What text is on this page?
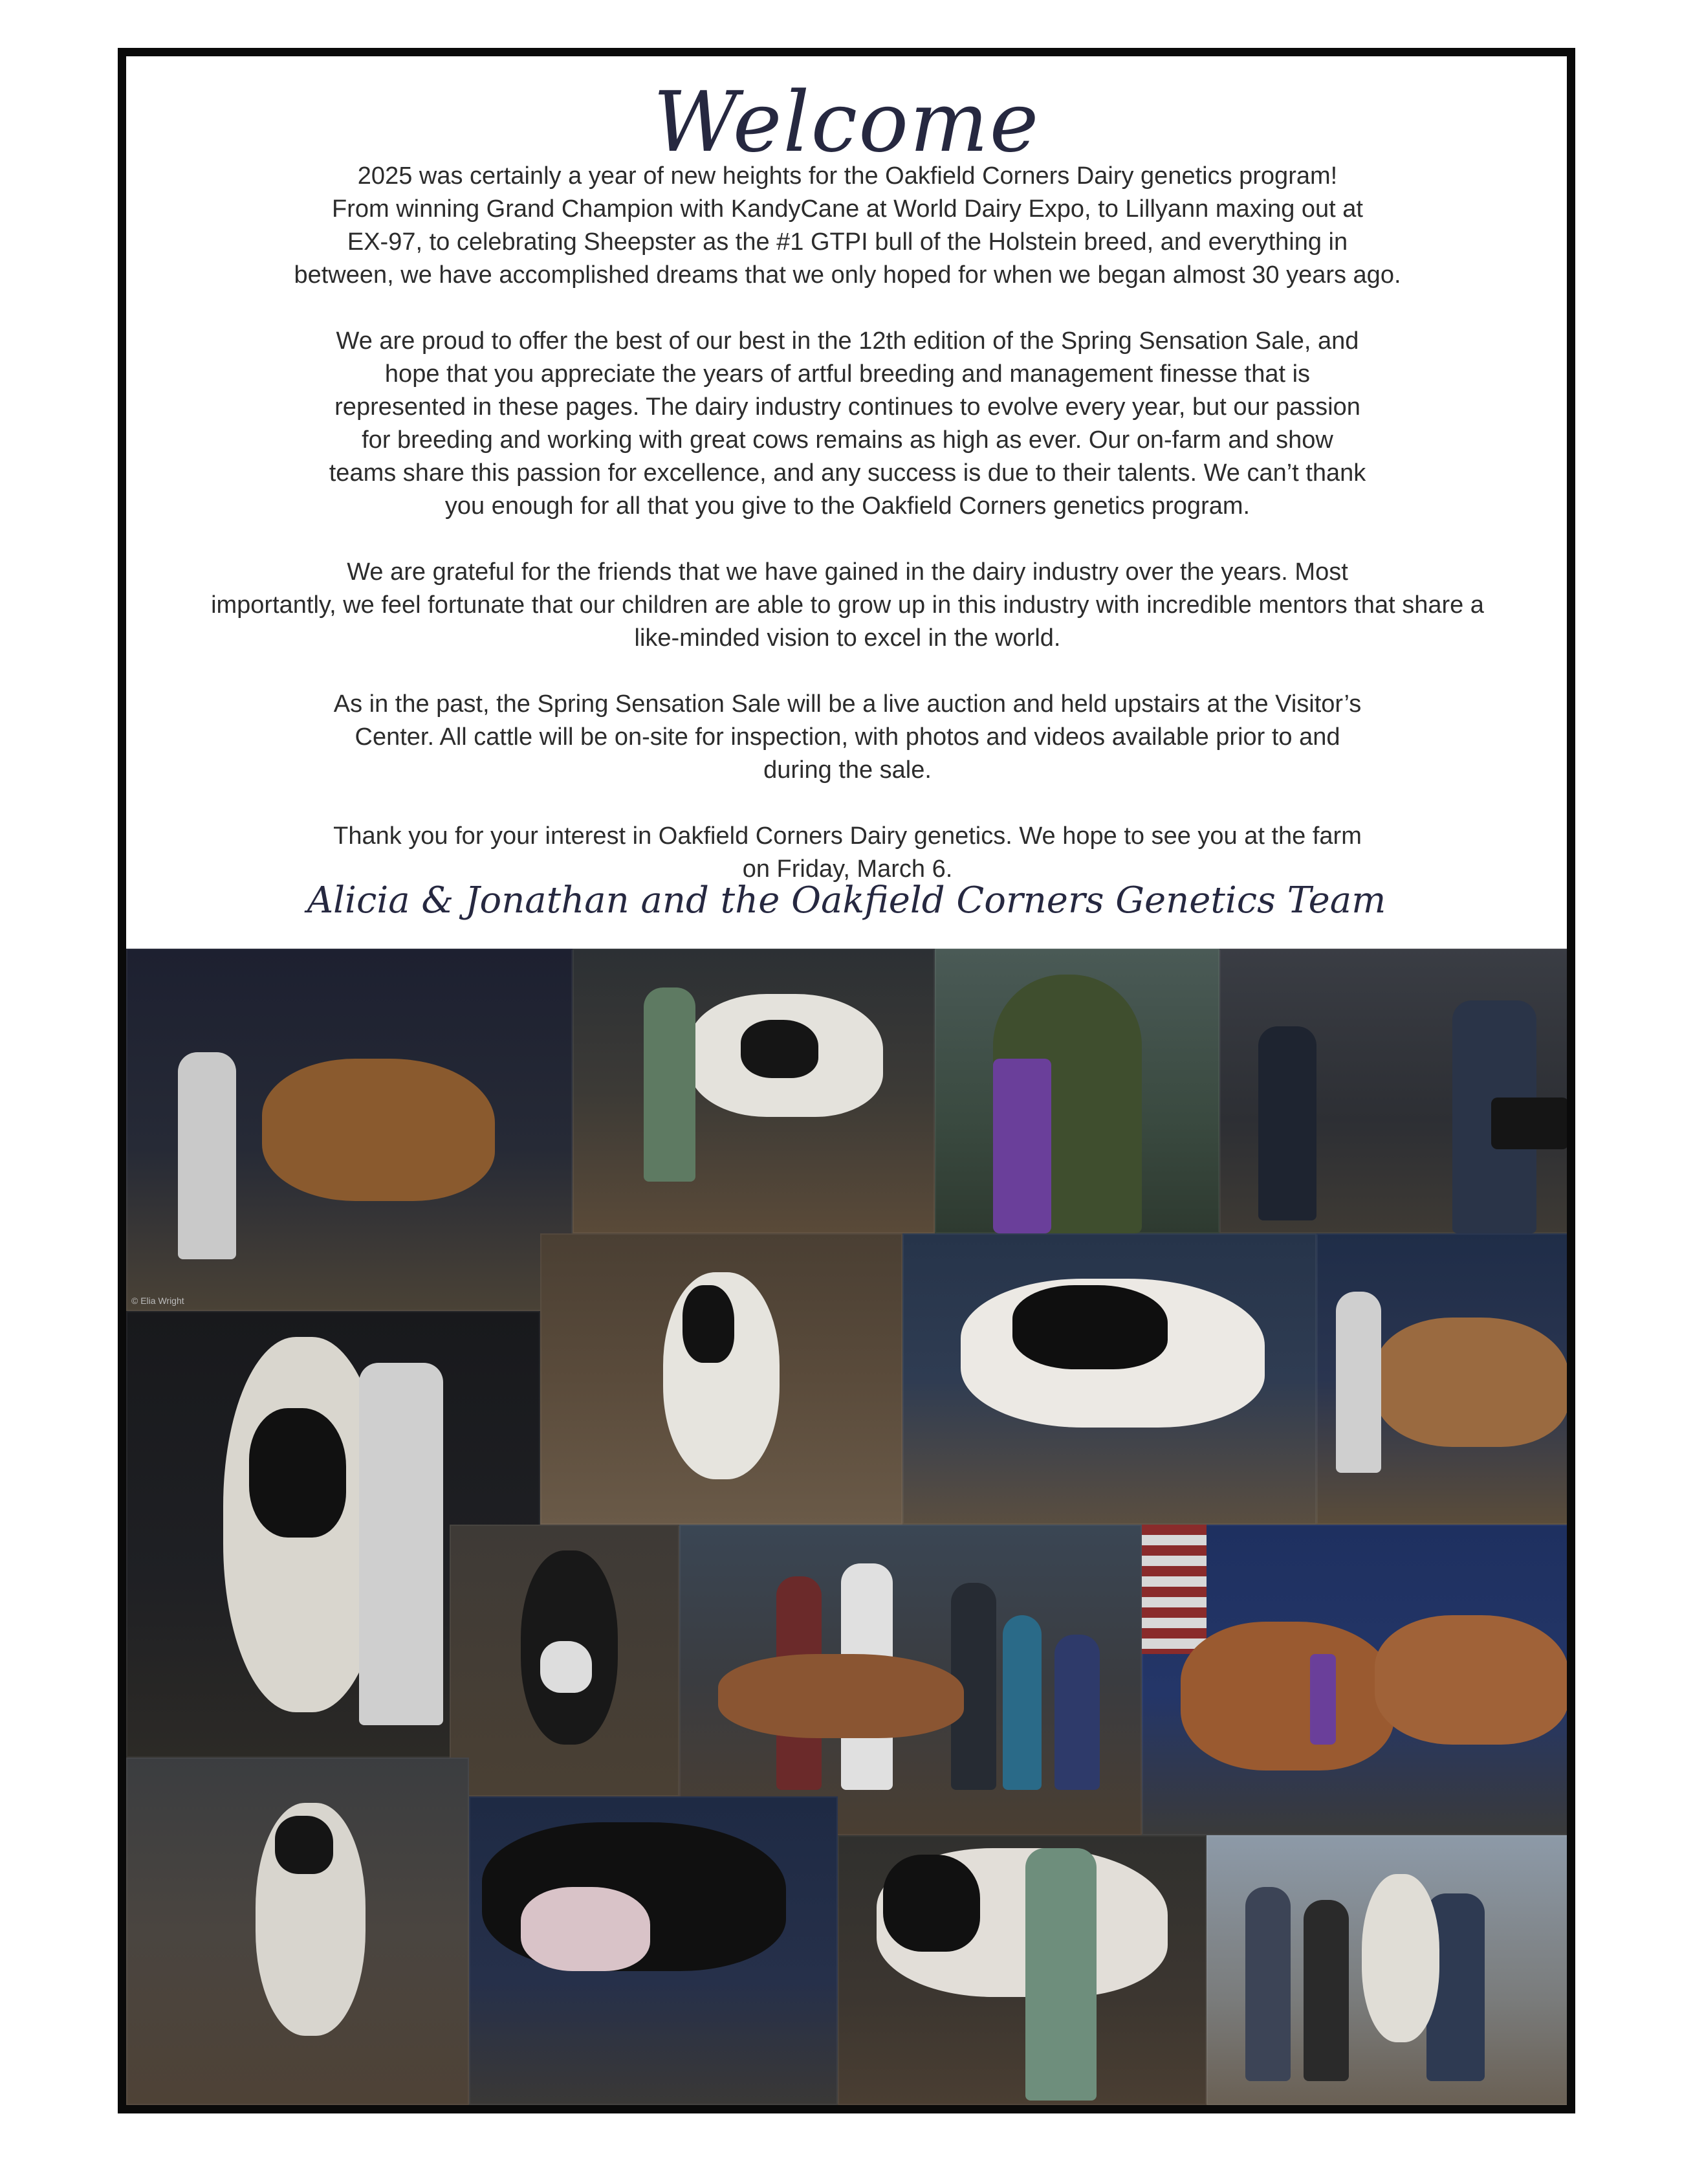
Welcome

2025 was certainly a year of new heights for the Oakfield Corners Dairy genetics program!
From winning Grand Champion with KandyCane at World Dairy Expo, to Lillyann maxing out at
EX-97, to celebrating Sheepster as the #1 GTPI bull of the Holstein breed, and everything in
between, we have accomplished dreams that we only hoped for when we began almost 30 years ago.

We are proud to offer the best of our best in the 12th edition of the Spring Sensation Sale, and
hope that you appreciate the years of artful breeding and management finesse that is
represented in these pages. The dairy industry continues to evolve every year, but our passion
for breeding and working with great cows remains as high as ever. Our on-farm and show
teams share this passion for excellence, and any success is due to their talents. We can’t thank
you enough for all that you give to the Oakfield Corners genetics program.

We are grateful for the friends that we have gained in the dairy industry over the years. Most
importantly, we feel fortunate that our children are able to grow up in this industry with incredible mentors that share a
like-minded vision to excel in the world.

As in the past, the Spring Sensation Sale will be a live auction and held upstairs at the Visitor’s
Center. All cattle will be on-site for inspection, with photos and videos available prior to and
during the sale.

Thank you for your interest in Oakfield Corners Dairy genetics. We hope to see you at the farm
on Friday, March 6.

Alicia & Jonathan and the Oakfield Corners Genetics Team
© Elia Wright
